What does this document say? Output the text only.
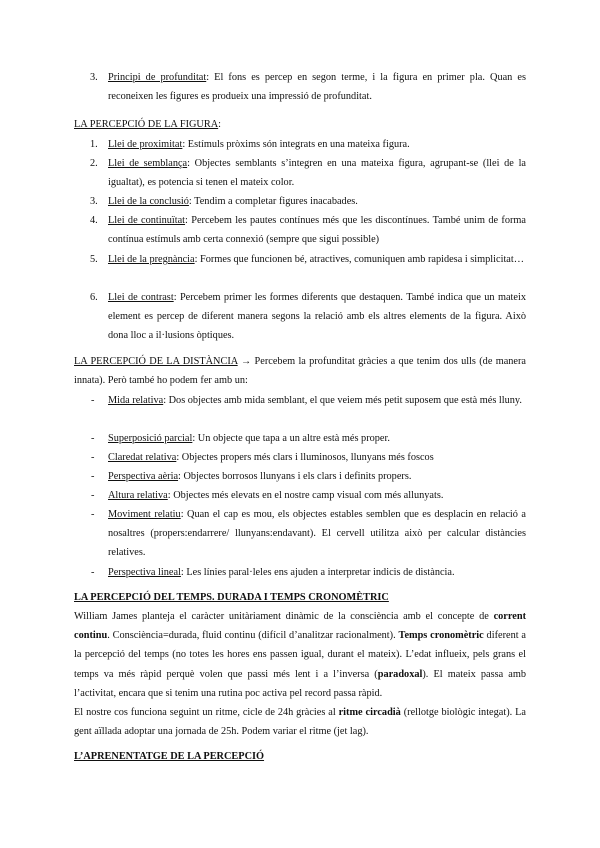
3. Principi de profunditat: El fons es percep en segon terme, i la figura en primer pla. Quan es reconeixen les figures es produeix una impressió de profunditat.

LA PERCEPCIÓ DE LA FIGURA:
1. Llei de proximitat: Estímuls pròxims són integrats en una mateixa figura.

2. Llei de semblança: Objectes semblants s’integren en una mateixa figura, agrupant-se (llei de la igualtat), es potencia si tenen el mateix color.

3. Llei de la conclusió: Tendim a completar figures inacabades.

4. Llei de continuïtat: Percebem les pautes contínues més que les discontínues. També unim de forma contínua estímuls amb certa connexió (sempre que sigui possible)

5. Llei de la pregnància: Formes que funcionen bé, atractives, comuniquen amb rapidesa i simplicitat…

6. Llei de contrast: Percebem primer les formes diferents que destaquen. També indica que un mateix element es percep de diferent manera segons la relació amb els altres elements de la figura. Això dona lloc a il·lusions òptiques.

LA PERCEPCIÓ DE LA DISTÀNCIA → Percebem la profunditat gràcies a que tenim dos ulls (de manera innata). Però també ho podem fer amb un:

- Mida relativa: Dos objectes amb mida semblant, el que veiem més petit suposem que està més lluny.

- Superposició parcial: Un objecte que tapa a un altre està més proper.

- Claredat relativa: Objectes propers més clars i lluminosos, llunyans més foscos

- Perspectiva aèria: Objectes borrosos llunyans i els clars i definits propers.

- Altura relativa: Objectes més elevats en el nostre camp visual com més allunyats.

- Moviment relatiu: Quan el cap es mou, els objectes estables semblen que es desplacin en relació a nosaltres (propers:endarrere/ llunyans:endavant). El cervell utilitza això per calcular distàncies relatives.

- Perspectiva lineal: Les línies paral·leles ens ajuden a interpretar indicis de distància.

LA PERCEPCIÓ DEL TEMPS. DURADA I TEMPS CRONOMÈTRIC

William James planteja el caràcter unitàriament dinàmic de la consciència amb el concepte de corrent continu. Consciència=durada, fluid continu (difícil d’analitzar racionalment). Temps cronomètric diferent a la percepció del temps (no totes les hores ens passen igual, durant el mateix). L’edat influeix, pels grans el temps va més ràpid perquè volen que passi més lent i a l’inversa (paradoxal). El mateix passa amb l’activitat, encara que si tenim una rutina poc activa pel record passa ràpid.

El nostre cos funciona seguint un ritme, cicle de 24h gràcies al ritme circadià (rellotge biològic integat). La gent aïllada adoptar una jornada de 25h. Podem variar el ritme (jet lag).

L’APRENENTATGE DE LA PERCEPCIÓ
